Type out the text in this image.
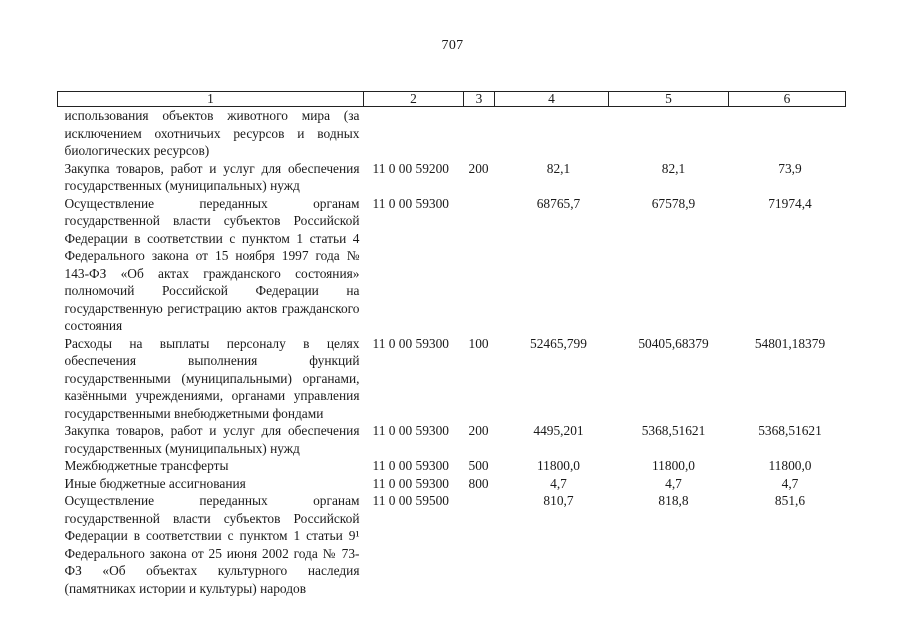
707
1	2	3	4	5	6
использования объектов животного мира (за исключением охотничьих ресурсов и водных биологических ресурсов)					
Закупка товаров, работ и услуг для обеспечения государственных (муниципальных) нужд	11 0 00 59200	200	82,1	82,1	73,9
Осуществление переданных органам государственной власти субъектов Российской Федерации в соответствии с пунктом 1 статьи 4 Федерального закона от 15 ноября 1997 года № 143-ФЗ «Об актах гражданского состояния» полномочий Российской Федерации на государственную регистрацию актов гражданского состояния	11 0 00 59300		68765,7	67578,9	71974,4
Расходы на выплаты персоналу в целях обеспечения выполнения функций государственными (муниципальными) органами, казёнными учреждениями, органами управления государственными внебюджетными фондами	11 0 00 59300	100	52465,799	50405,68379	54801,18379
Закупка товаров, работ и услуг для обеспечения государственных (муниципальных) нужд	11 0 00 59300	200	4495,201	5368,51621	5368,51621
Межбюджетные трансферты	11 0 00 59300	500	11800,0	11800,0	11800,0
Иные бюджетные ассигнования	11 0 00 59300	800	4,7	4,7	4,7
Осуществление переданных органам государственной власти субъектов Российской Федерации в соответствии с пунктом 1 статьи 9¹ Федерального закона от 25 июня 2002 года № 73-ФЗ «Об объектах культурного наследия (памятниках истории и культуры) народов	11 0 00 59500		810,7	818,8	851,6
